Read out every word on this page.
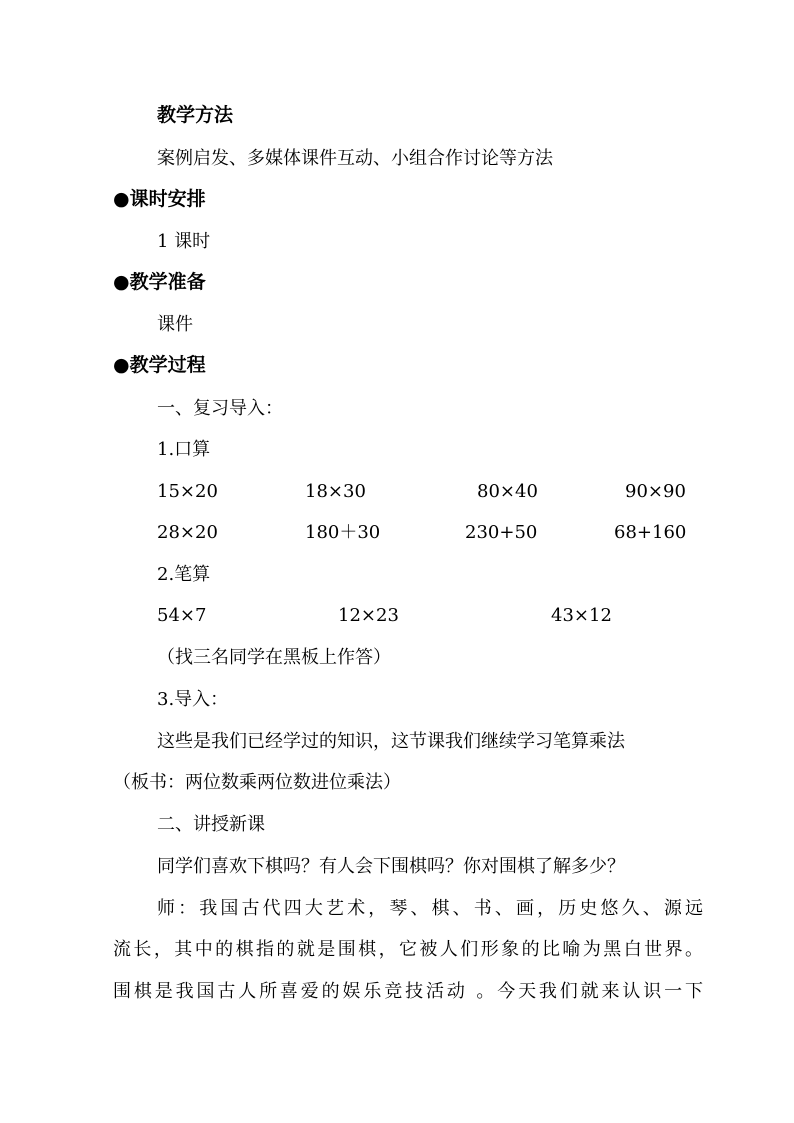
教学方法
案例启发、多媒体课件互动、小组合作讨论等方法
●课时安排
1 课时
●教学准备
课件
●教学过程
一、复习导入：
1.口算
15×20	18×30	80×40	90×90
28×20	180＋30	230+50	68+160
2.笔算
54×7	12×23	43×12
（找三名同学在黑板上作答）
3.导入：
这些是我们已经学过的知识，这节课我们继续学习笔算乘法
（板书：两位数乘两位数进位乘法）
二、讲授新课
同学们喜欢下棋吗？有人会下围棋吗？你对围棋了解多少？
师：我国古代四大艺术，琴、棋、书、画，历史悠久、源远
流长，其中的棋指的就是围棋，它被人们形象的比喻为黑白世界。
围棋是我国古人所喜爱的娱乐竞技活动 。今天我们就来认识一下
